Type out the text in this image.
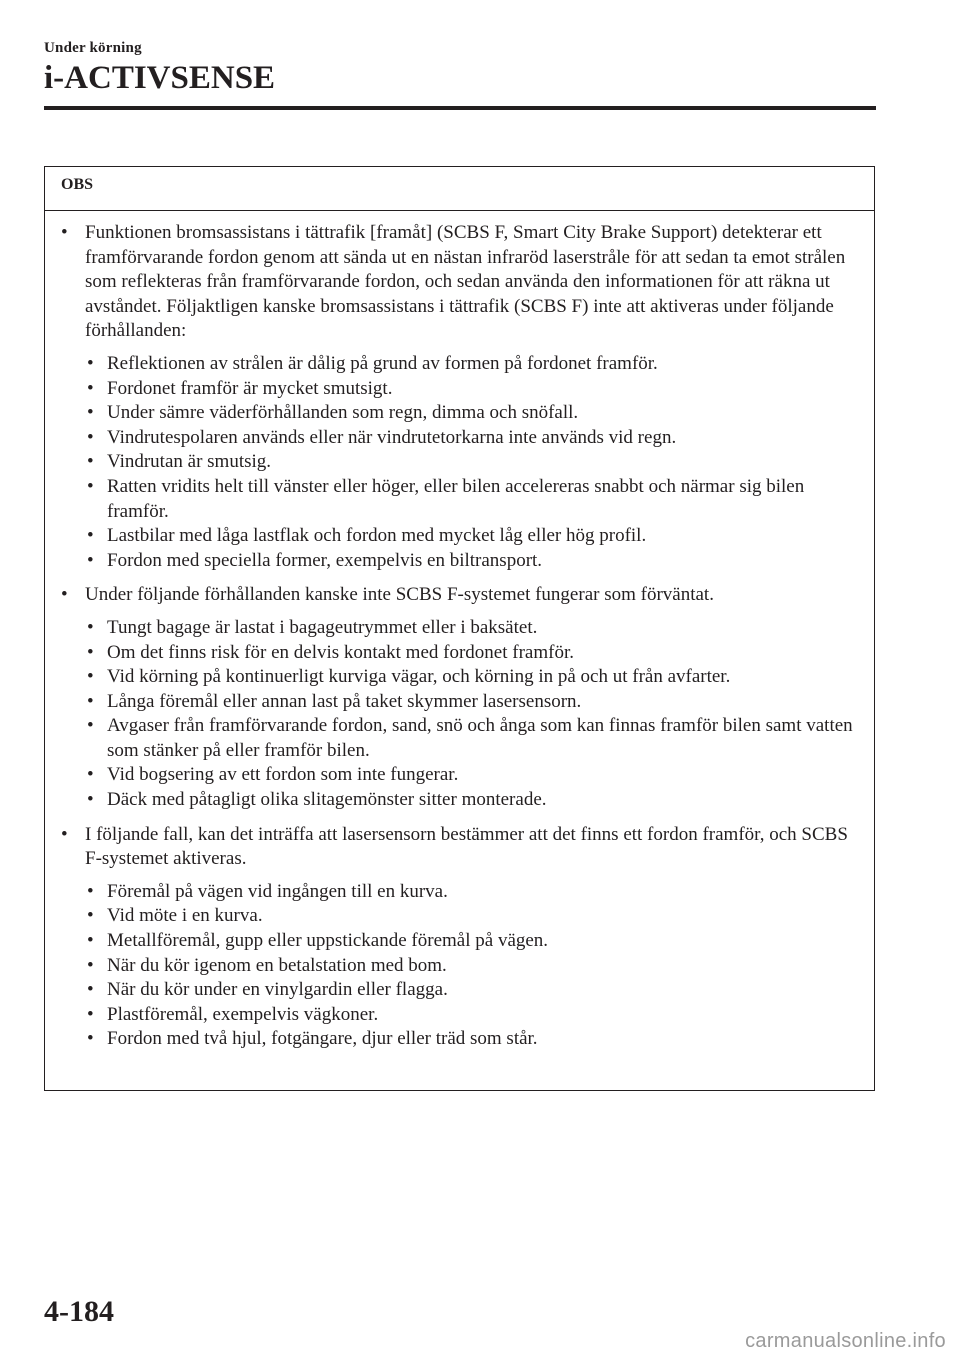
Under körning
i-ACTIVSENSE
OBS
• Funktionen bromsassistans i tättrafik [framåt] (SCBS F, Smart City Brake Support) detekterar ett framförvarande fordon genom att sända ut en nästan infraröd laserstråle för att sedan ta emot strålen som reflekteras från framförvarande fordon, och sedan använda den informationen för att räkna ut avståndet. Följaktligen kanske bromsassistans i tättrafik (SCBS F) inte att aktiveras under följande förhållanden:
• Reflektionen av strålen är dålig på grund av formen på fordonet framför.
• Fordonet framför är mycket smutsigt.
• Under sämre väderförhållanden som regn, dimma och snöfall.
• Vindrutespolaren används eller när vindrutetorkarna inte används vid regn.
• Vindrutan är smutsig.
• Ratten vridits helt till vänster eller höger, eller bilen accelereras snabbt och närmar sig bilen framför.
• Lastbilar med låga lastflak och fordon med mycket låg eller hög profil.
• Fordon med speciella former, exempelvis en biltransport.
• Under följande förhållanden kanske inte SCBS F-systemet fungerar som förväntat.
• Tungt bagage är lastat i bagageutrymmet eller i baksätet.
• Om det finns risk för en delvis kontakt med fordonet framför.
• Vid körning på kontinuerligt kurviga vägar, och körning in på och ut från avfarter.
• Långa föremål eller annan last på taket skymmer lasersensorn.
• Avgaser från framförvarande fordon, sand, snö och ånga som kan finnas framför bilen samt vatten som stänker på eller framför bilen.
• Vid bogsering av ett fordon som inte fungerar.
• Däck med påtagligt olika slitagemönster sitter monterade.
• I följande fall, kan det inträffa att lasersensorn bestämmer att det finns ett fordon framför, och SCBS F-systemet aktiveras.
• Föremål på vägen vid ingången till en kurva.
• Vid möte i en kurva.
• Metallföremål, gupp eller uppstickande föremål på vägen.
• När du kör igenom en betalstation med bom.
• När du kör under en vinylgardin eller flagga.
• Plastföremål, exempelvis vägkoner.
• Fordon med två hjul, fotgängare, djur eller träd som står.
4-184
carmanualsonline.info
